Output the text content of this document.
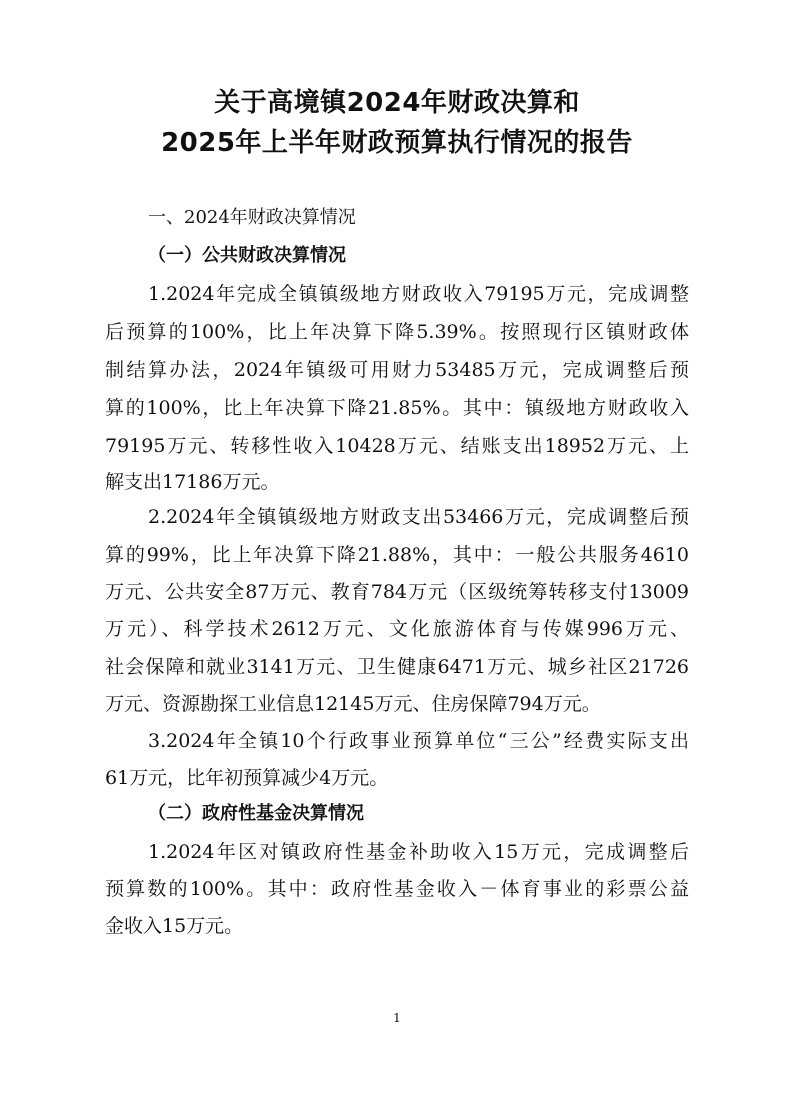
关于高境镇2024年财政决算和
2025年上半年财政预算执行情况的报告
一、2024年财政决算情况
（一）公共财政决算情况
1.2024年完成全镇镇级地方财政收入79195万元，完成调整
后预算的100%，比上年决算下降5.39%。按照现行区镇财政体
制结算办法，2024年镇级可用财力53485万元，完成调整后预
算的100%，比上年决算下降21.85%。其中：镇级地方财政收入
79195万元、转移性收入10428万元、结账支出18952万元、上
解支出17186万元。
2.2024年全镇镇级地方财政支出53466万元，完成调整后预
算的99%，比上年决算下降21.88%，其中：一般公共服务4610
万元、公共安全87万元、教育784万元（区级统筹转移支付13009
万元）、科学技术2612万元、文化旅游体育与传媒996万元、
社会保障和就业3141万元、卫生健康6471万元、城乡社区21726
万元、资源勘探工业信息12145万元、住房保障794万元。
3.2024年全镇10个行政事业预算单位“三公”经费实际支出
61万元，比年初预算减少4万元。
（二）政府性基金决算情况
1.2024年区对镇政府性基金补助收入15万元，完成调整后
预算数的100%。其中：政府性基金收入－体育事业的彩票公益
金收入15万元。
1
